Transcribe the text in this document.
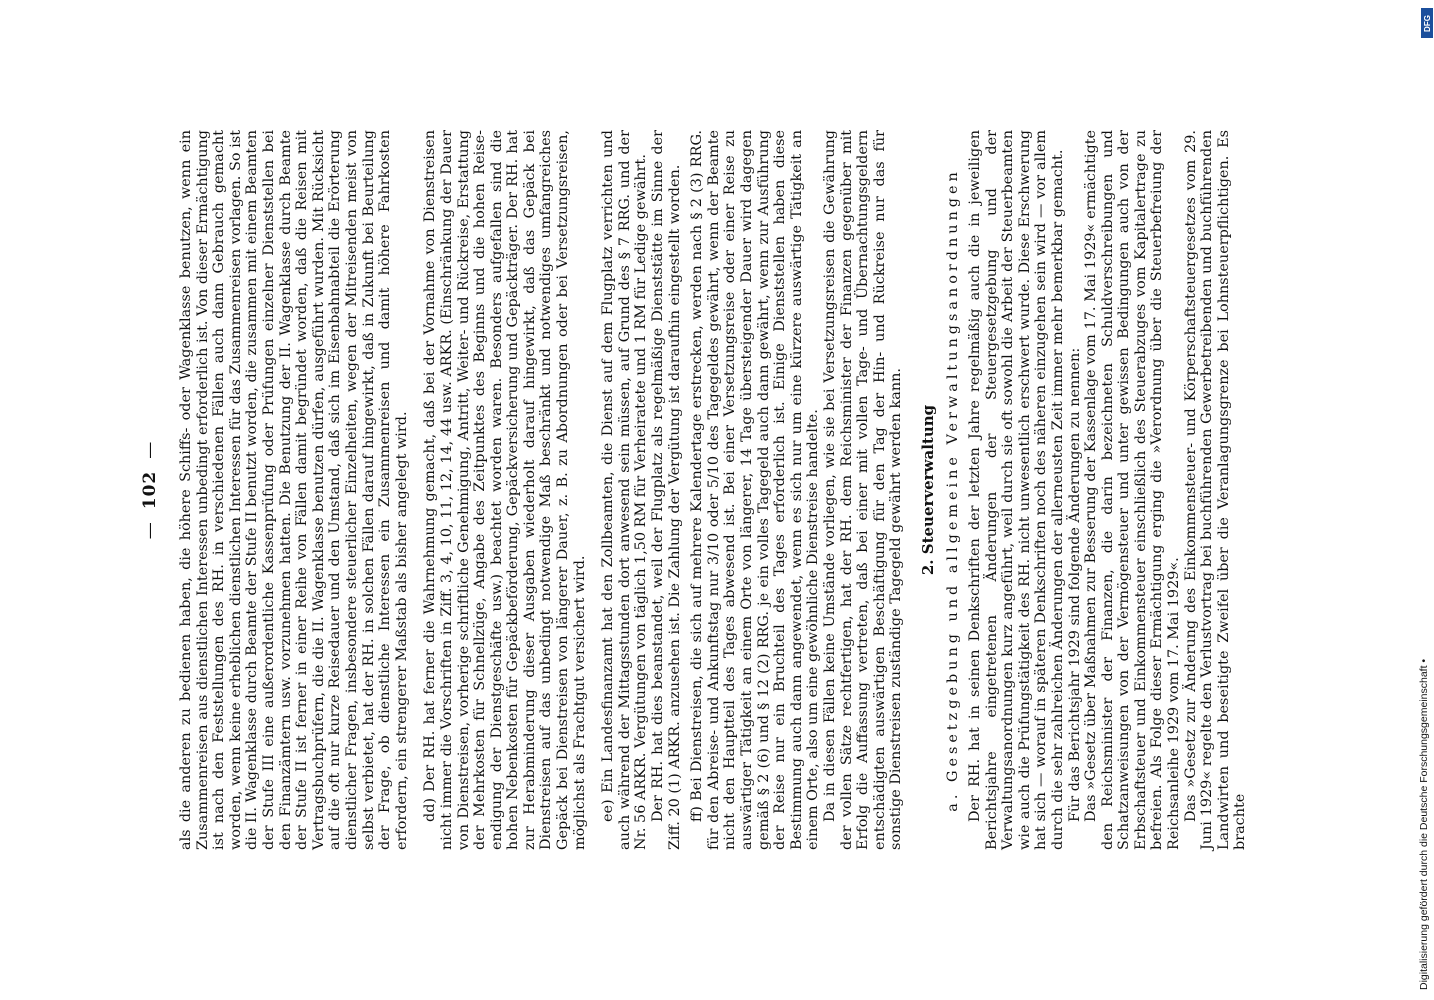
—102— als die anderen zu bedienen haben, die höhere Schiffs- oder Wagenklasse benutzen, wenn ein Zusammenreisen aus dienstlichen Interessen unbedingt erforderlich ist. Von dieser Ermächtigung ist nach den Feststellungen des RH. in verschiedenen Fällen auch dann Gebrauch gemacht worden, wenn keine erheblichen dienstlichen Interessen für das Zusammenreisen vorlagen. So ist die II. Wagenklasse durch Beamte der Stufe II benutzt worden, die zusammen mit einem Beamten der Stufe III eine außerordentliche Kassenprüfung oder Prüfungen einzelner Dienststellen bei den Finanzämtern usw. vorzunehmen hatten. Die Benutzung der II. Wagenklasse durch Beamte der Stufe II ist ferner in einer Reihe von Fällen damit begründet worden, daß die Reisen mit Vertragsbuchprüfern, die die II. Wagenklasse benutzen dürfen, ausgeführt wurden. Mit Rücksicht auf die oft nur kurze Reisedauer und den Umstand, daß sich im Eisenbahnabteil die Erörterung dienstlicher Fragen, insbesondere steuerlicher Einzelheiten, wegen der Mitreisenden meist von selbst verbietet, hat der RH. in solchen Fällen darauf hingewirkt, daß in Zukunft bei Beurteilung der Frage, ob dienstliche Interessen ein Zusammenreisen und damit höhere Fahrkosten erfordern, ein strengerer Maßstab als bisher angelegt wird. dd) Der RH. hat ferner die Wahrnehmung gemacht, daß bei der Vornahme von Dienstreisen nicht immer die Vorschriften in Ziff. 3, 4, 10, 11, 12, 14, 44 usw. ARKR. (Einschränkung der Dauer von Dienstreisen, vorherige schriftliche Genehmigung, Antritt, Weiter- und Rückreise, Erstattung der Mehrkosten für Schnellzüge, Angabe des Zeitpunktes des Beginns und die hohen Reise endigung der Dienstgeschäfte usw.) beachtet worden waren. Besonders aufgefallen sind die hohen Nebenkosten für Gepäckbeförderung, Gepäckversicherung und Gepäckträger. Der RH. hat zur Herabminderung dieser Ausgaben wiederholt darauf hingewirkt, daß das Gepäck bei Dienstreisen auf das unbedingt notwendige Maß beschränkt und notwendiges umfangreiches Gepäck bei Dienstreisen von längerer Dauer, z. B. zu Abordnungen oder bei Versetzungsreisen, möglichst als Frachtgut versichert wird. ee) Ein Landesfinanzamt hat den Zollbeamten, die Dienst auf dem Flugplatz verrichten und auch während der Mittagsstunden dort anwesend sein müssen, auf Grund des § 7 RRG. und der Nr. 56 ARKR. Vergütungen von täglich 1,50 RM für Verheiratete und 1 RM für Ledige gewährt. Der RH. hat dies beanstandet, weil der Flugplatz als regelmäßige Dienststätte im Sinne der Ziff. 20 (1) ARKR. anzusehen ist. Die Zahlung der Vergütung ist daraufhin eingestellt worden. ff) Bei Dienstreisen, die sich auf mehrere Kalendertage erstrecken, werden nach § 2 (3) RRG. für den Abreise- und Ankunftstag nur 3/10 oder 5/10 des Tagegeldes gewährt, wenn der Beamte nicht den Hauptteil des Tages abwesend ist. Bei einer Versetzungsreise oder einer Reise zu auswärtiger Tätigkeit an einem Orte von längerer, 14 Tage übersteigender Dauer wird dagegen gemäß § 2 (6) und § 12 (2) RRG. je ein volles Tagegeld auch dann gewährt, wenn zur Ausführung der Reise nur ein Bruchteil des Tages erforderlich ist. Einige Dienststellen haben diese Bestimmung auch dann angewendet, wenn es sich nur um eine kürzere auswärtige Tätigkeit an einem Orte, also um eine gewöhnliche Dienstreise handelte. Da in diesen Fällen keine Umstände vorliegen, wie sie bei Versetzungsreisen die Gewährung der vollen Sätze rechtfertigen, hat der RH. dem Reichsminister der Finanzen gegenüber mit Erfolg die Auffassung vertreten, daß bei einer mit vollen Tage- und Übernachtungsgeldern entschädigten auswärtigen Beschäftigung für den Tag der Hin- und Rückreise nur das für sonstige Dienstreisen zuständige Tagegeld gewährt werden kann. 2. Steuerverwaltung a. Gesetzgebung und allgemeine Verwaltungsanordnungen Der RH. hat in seinen Denkschriften der letzten Jahre regelmäßig auch die in jeweiligen Berichtsjahre eingetretenen Änderungen der Steuergesetzgebung und der Verwaltungsanordnungen kurz angeführt, weil durch sie oft sowohl die Arbeit der Steuerbeamten wie auch die Prüfungstätigkeit des RH. nicht unwesentlich erschwert wurde. Diese Erschwerung hat sich — worauf in späteren Denkschriften noch des näheren einzugehen sein wird — vor allem durch die sehr zahlreichen Änderungen der allerneusten Zeit immer mehr bemerkbar gemacht. Für das Berichtsjahr 1929 sind folgende Änderungen zu nennen: Das »Gesetz über Maßnahmen zur Besserung der Kassenlage vom 17. Mai 1929« ermächtigte den Reichsminister der Finanzen, die darin bezeichneten Schuldverschreibungen und Schatzanweisungen von der Vermögensteuer und unter gewissen Bedingungen auch von der Erbschaftsteuer und Einkommensteuer einschließlich des Steuerabzuges vom Kapitalertrage zu befreien. Als Folge dieser Ermächtigung erging die »Verordnung über die Steuerbefreiung der Reichsanleihe 1929 vom 17. Mai 1929«. Das »Gesetz zur Änderung des Einkommensteuer- und Körperschaftsteuergesetzes vom 29. Juni 1929« regelte den Verlustvortrag bei buchführenden Gewerbetreibenden und buchführenden Landwirten und beseitigte Zweifel über die Veranlagungsgrenze bei Lohnsteuerpflichtigen. Es brachte	Digitalisierung gefördert durch die Deutsche Forschungsgemeinschaft •
DFG
